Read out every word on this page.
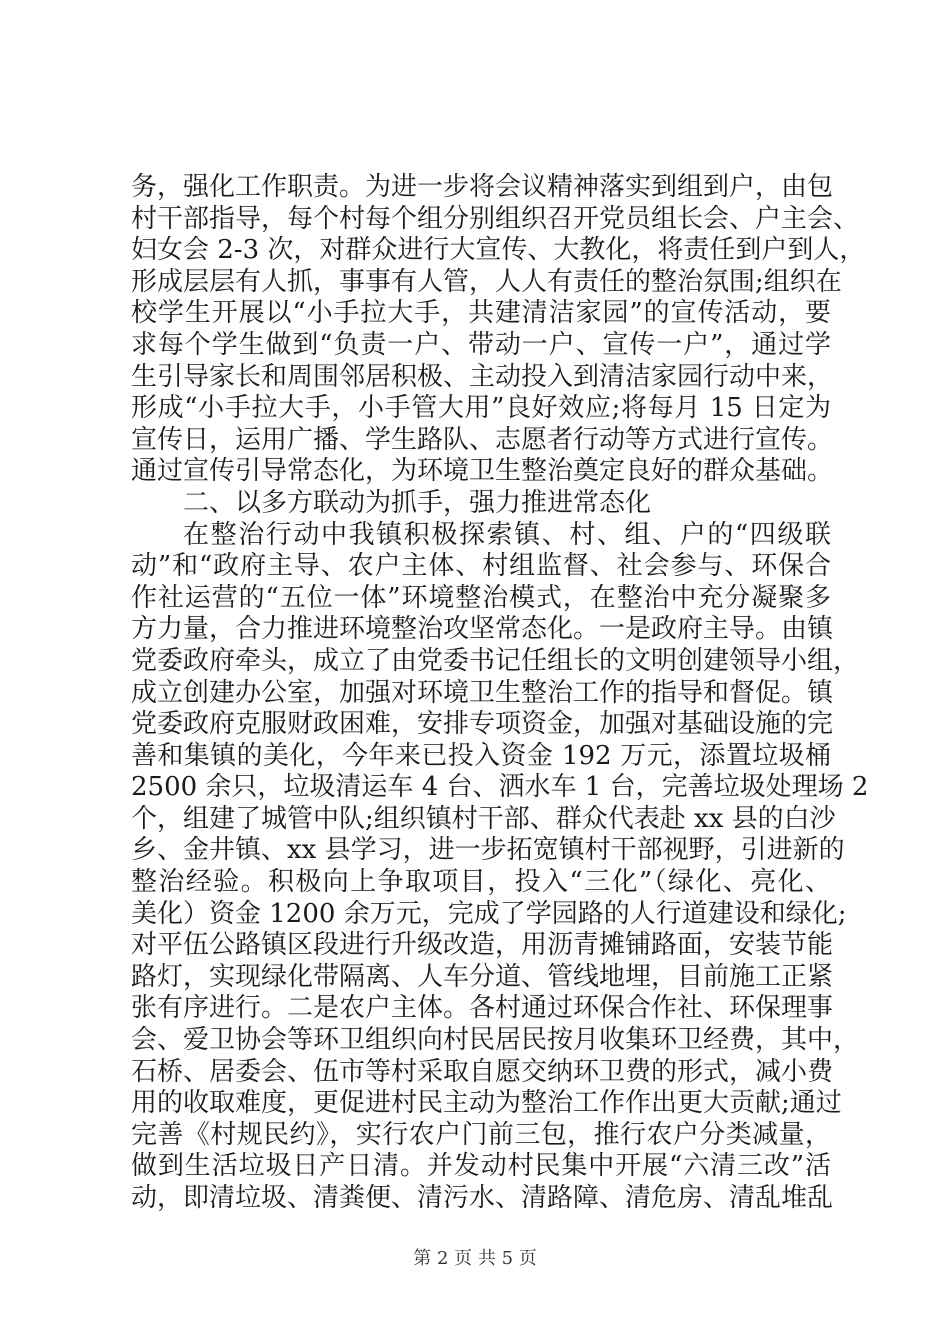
务，强化工作职责。为进一步将会议精神落实到组到户，由包
村干部指导，每个村每个组分别组织召开党员组长会、户主会、
妇女会 2-3 次，对群众进行大宣传、大教化，将责任到户到人，
形成层层有人抓，事事有人管，人人有责任的整治氛围;组织在
校学生开展以“小手拉大手，共建清洁家园”的宣传活动，要
求每个学生做到“负责一户、带动一户、宣传一户”，通过学
生引导家长和周围邻居积极、主动投入到清洁家园行动中来，
形成“小手拉大手，小手管大用”良好效应;将每月 15 日定为
宣传日，运用广播、学生路队、志愿者行动等方式进行宣传。
通过宣传引导常态化，为环境卫生整治奠定良好的群众基础。
二、以多方联动为抓手，强力推进常态化
在整治行动中我镇积极探索镇、村、组、户的“四级联
动”和“政府主导、农户主体、村组监督、社会参与、环保合
作社运营的“五位一体”环境整治模式，在整治中充分凝聚多
方力量，合力推进环境整治攻坚常态化。一是政府主导。由镇
党委政府牵头，成立了由党委书记任组长的文明创建领导小组，
成立创建办公室，加强对环境卫生整治工作的指导和督促。镇
党委政府克服财政困难，安排专项资金，加强对基础设施的完
善和集镇的美化，今年来已投入资金 192 万元，添置垃圾桶
2500 余只，垃圾清运车 4 台、洒水车 1 台，完善垃圾处理场 2
个，组建了城管中队;组织镇村干部、群众代表赴 xx 县的白沙
乡、金井镇、xx 县学习，进一步拓宽镇村干部视野，引进新的
整治经验。积极向上争取项目，投入“三化”（绿化、亮化、
美化）资金 1200 余万元，完成了学园路的人行道建设和绿化;
对平伍公路镇区段进行升级改造，用沥青摊铺路面，安装节能
路灯，实现绿化带隔离、人车分道、管线地埋，目前施工正紧
张有序进行。二是农户主体。各村通过环保合作社、环保理事
会、爱卫协会等环卫组织向村民居民按月收集环卫经费，其中，
石桥、居委会、伍市等村采取自愿交纳环卫费的形式，减小费
用的收取难度，更促进村民主动为整治工作作出更大贡献;通过
完善《村规民约》，实行农户门前三包，推行农户分类减量，
做到生活垃圾日产日清。并发动村民集中开展“六清三改”活
动，即清垃圾、清粪便、清污水、清路障、清危房、清乱堆乱
第 2 页 共 5 页
